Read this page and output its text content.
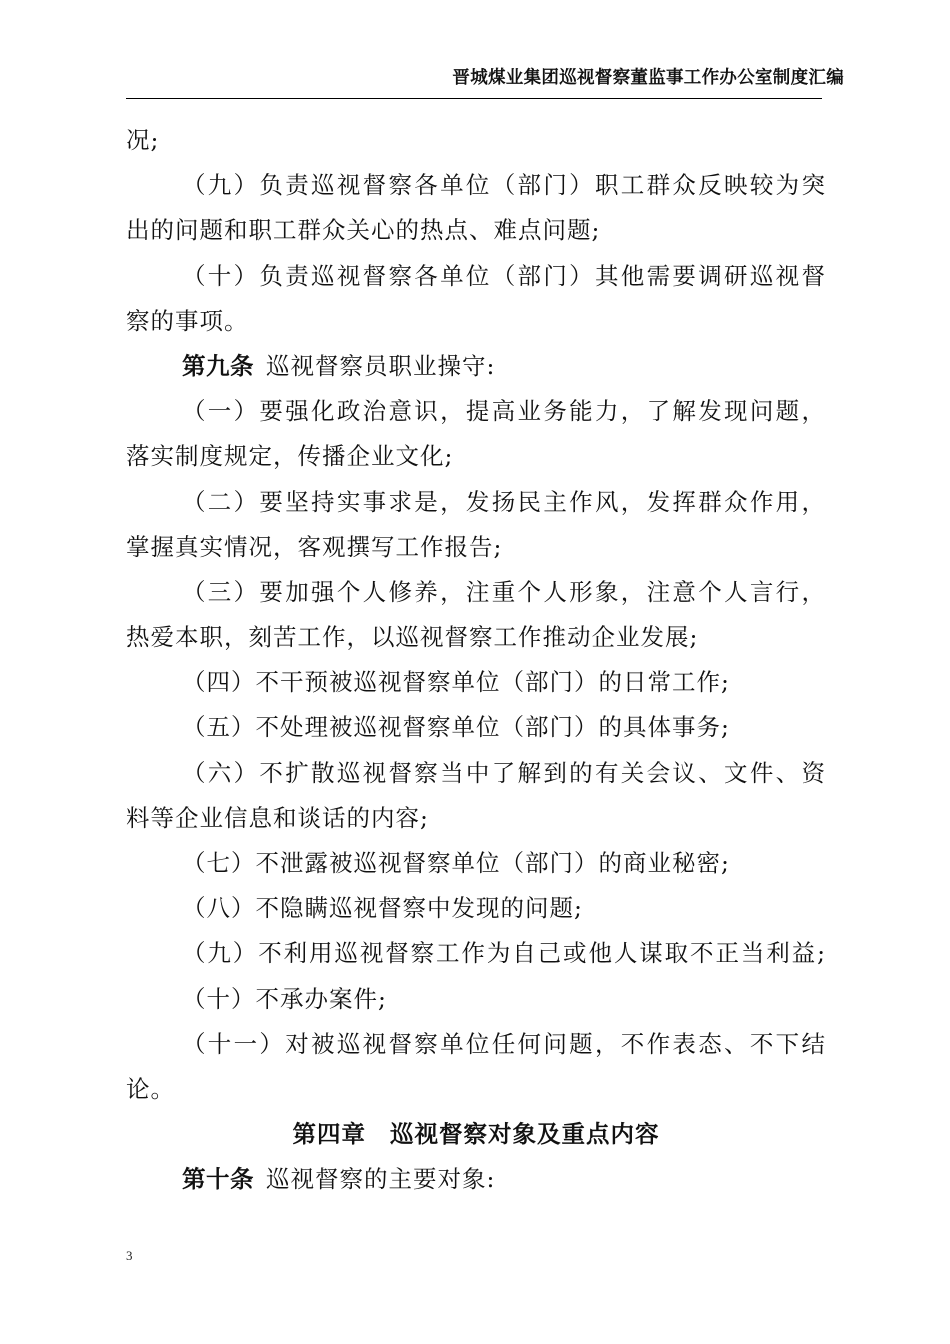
晋城煤业集团巡视督察董监事工作办公室制度汇编
况;
（九）负责巡视督察各单位（部门）职工群众反映较为突
出的问题和职工群众关心的热点、难点问题;
（十）负责巡视督察各单位（部门）其他需要调研巡视督
察的事项。
第九条 巡视督察员职业操守:
（一）要强化政治意识，提高业务能力，了解发现问题，
落实制度规定，传播企业文化;
（二）要坚持实事求是，发扬民主作风，发挥群众作用，
掌握真实情况，客观撰写工作报告;
（三）要加强个人修养，注重个人形象，注意个人言行，
热爱本职，刻苦工作，以巡视督察工作推动企业发展;
（四）不干预被巡视督察单位（部门）的日常工作;
（五）不处理被巡视督察单位（部门）的具体事务;
（六）不扩散巡视督察当中了解到的有关会议、文件、资
料等企业信息和谈话的内容;
（七）不泄露被巡视督察单位（部门）的商业秘密;
（八）不隐瞒巡视督察中发现的问题;
（九）不利用巡视督察工作为自己或他人谋取不正当利益;
（十）不承办案件;
（十一）对被巡视督察单位任何问题，不作表态、不下结
论。
第四章 巡视督察对象及重点内容
第十条 巡视督察的主要对象:
3
